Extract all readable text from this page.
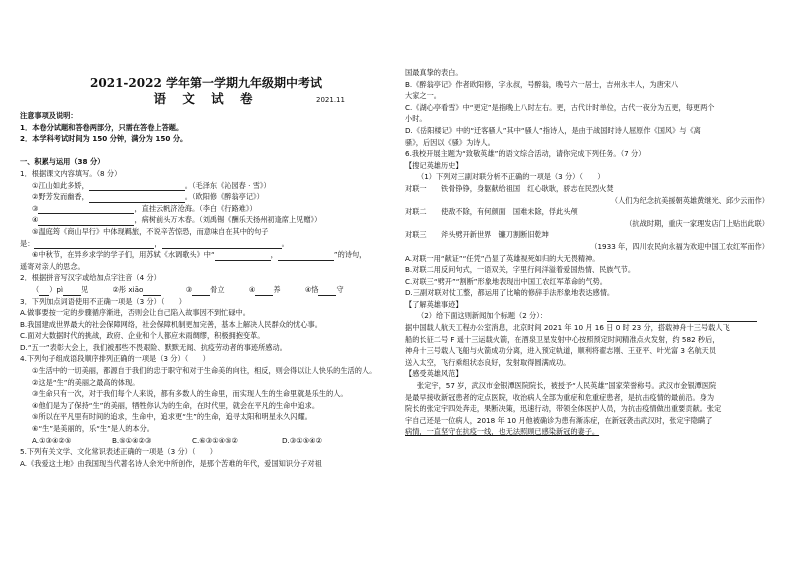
2021-2022 学年第一学期九年级期中考试
语 文 试 卷	2021.11
注意事项及说明：
1．本卷分试题和答卷两部分，只需在答卷上答题。
2．本学科考试时间为 150 分钟，满分为 150 分。
一、积累与运用（38 分）
1．根据课文内容填写。（8 分）
①江山如此多娇，	。（毛泽东《沁园春 · 雪》）
②野芳发而幽香，	。（欧阳修《醉翁亭记》）
③	，直挂云帆济沧海。（李白《行路难》）
④	，病树前头万木春。（刘禹锡《酬乐天扬州初逢席上见赠》）
⑤温庭筠《商山早行》中体现羁旅，不说辛苦惊恐，而意味自在其中的句子
是：	，	。
⑥中秋节，在异乡求学的学子们，用苏轼《水调歌头》中“	，	”的诗句，
遥寄对亲人的思念。
2．根据拼音写汉字或给加点字注音（4 分）
（ ）pì	见	②彤 xiāo	③	骨立	④	养	④恪	守
3．下列加点词语使用不正确一项是（3 分）（　　）
A.做事要按一定的步骤循序渐进，否则会让自己陷入故事因不到忙碌中。
B.我国建成世界最大的社会保障网络，社会保障机制更加完善，基本上解决人民群众的忧心事。
C.面对大数据时代的挑战，政府、企业和个人都应未雨绸缪，积极拥抱变革。
D.“五一”表彰大会上，我们被那些不畏艰险、默默无闻、抗疫劳动者的事迹所感动。
4.下列句子组成语段顺序排列正确的一项是（3 分）（　　）
①生活中的一切美丽，都源自于我们的忠于职守和对于生命美的向往，相反，则会得以让人快乐的生活的人。
②这是“生”的美丽之最高的体现。
③生命只有一次，对于我们每个人来说，都有多数人的生命里，而实现人生的生命里就是乐生的人。
④他们是为了保持“生”的美丽，牺牲你认为的生命，在时代里，就会在平凡的生命中追求。
⑤所以在平凡里有时间的追求，生命中，追求更“生”的生命，追寻太阳和明星永久闪耀。
⑥“生”是美丽的，乐“生”是人的本分。
A.①③④②⑤	B.⑤①④②③	C.⑥③①④⑤②	D.③①⑤④②
5.下列有关文学、文化常识表述正确的一项是（3 分）（　　）
A.《我爱这土地》由我国现当代著名诗人余光中所创作，是那个苦难的年代，爱国知识分子对祖
国最真挚的表白。
B.《醉翁亭记》作者欧阳修，字永叔，号醉翁，晚号六一居士，吉州永丰人，为唐宋八
大家之一。
C.《湖心亭看雪》中“更定”是指晚上八时左右。更，古代计时单位，古代一夜分为五更，每更两个
小时。
D.《岳阳楼记》中的“迁客骚人”其中“骚人”指诗人，是由于战国时诗人屈原作《国风》与《离
骚》，后因以《骚》为诗人。
6.我校开展主题为“致敬英雄”的语文综合活动，请你完成下列任务。（7 分）
【搜记英雄历史】
（1）下列对三副对联分析不正确的一项是（3 分）（　　）
对联一 铁骨铮铮，身躯献给祖国　红心耿耿，骄志在民烈火焚
（人们为纪念抗美援朝英雄黄继光、邱少云而作）
对联二 使敌不除，有何颜面　国难未除，俘此头颅
（抗战时期，重庆一家理发店门上贴出此联）
对联三 斧头劈开新世界　镰刀割断旧乾坤
（1933 年，四川农民向永福为欢迎中国工农红军而作）
A.对联一用“献证”“任凭”凸显了英雄视死如归的大无畏精神。
B.对联二用反问句式，一语双关，字里行间洋溢着爱国热情、民族气节。
C.对联三“劈开”“割断”形象地表现出中国工农红军革命的气势。
D.三副对联对仗工整，都运用了比喻的修辞手法形象地表达感情。
【了解英雄事迹】
（2）给下面这则新闻加个标题（2 分）：
据中国载人航天工程办公室消息，北京时间 2021 年 10 月 16 日 0 时 23 分，搭载神舟十三号载人飞
船的长征二号 F 遥十三运载火箭，在酒泉卫星发射中心按照预定时间精准点火发射，约 582 秒后，
神舟十三号载人飞船与火箭成功分离，进入预定轨道，顺利将翟志刚、王亚平、叶光富 3 名航天员
送入太空，飞行乘组状态良好，发射取得圆满成功。
【感受英雄风范】
张定宇，57 岁，武汉市金银潭医院院长，被授予“人民英雄”国家荣誉称号。武汉市金银潭医院
是最早接收新冠患者的定点医院，收治病人全部为重症和危重症患者，是抗击疫情的最前沿。身为
院长的张定宇四处奔走，果断决策，迅速行动，带领全体医护人员，为抗击疫情做出重要贡献。张定
宇自己还是一位病人，2018 年 10 月他被确诊为患有渐冻症，在新冠袭击武汉时，张定宇隐瞒了
病情，一直坚守在抗疫一线，也无法照顾已感染新冠的妻子。
